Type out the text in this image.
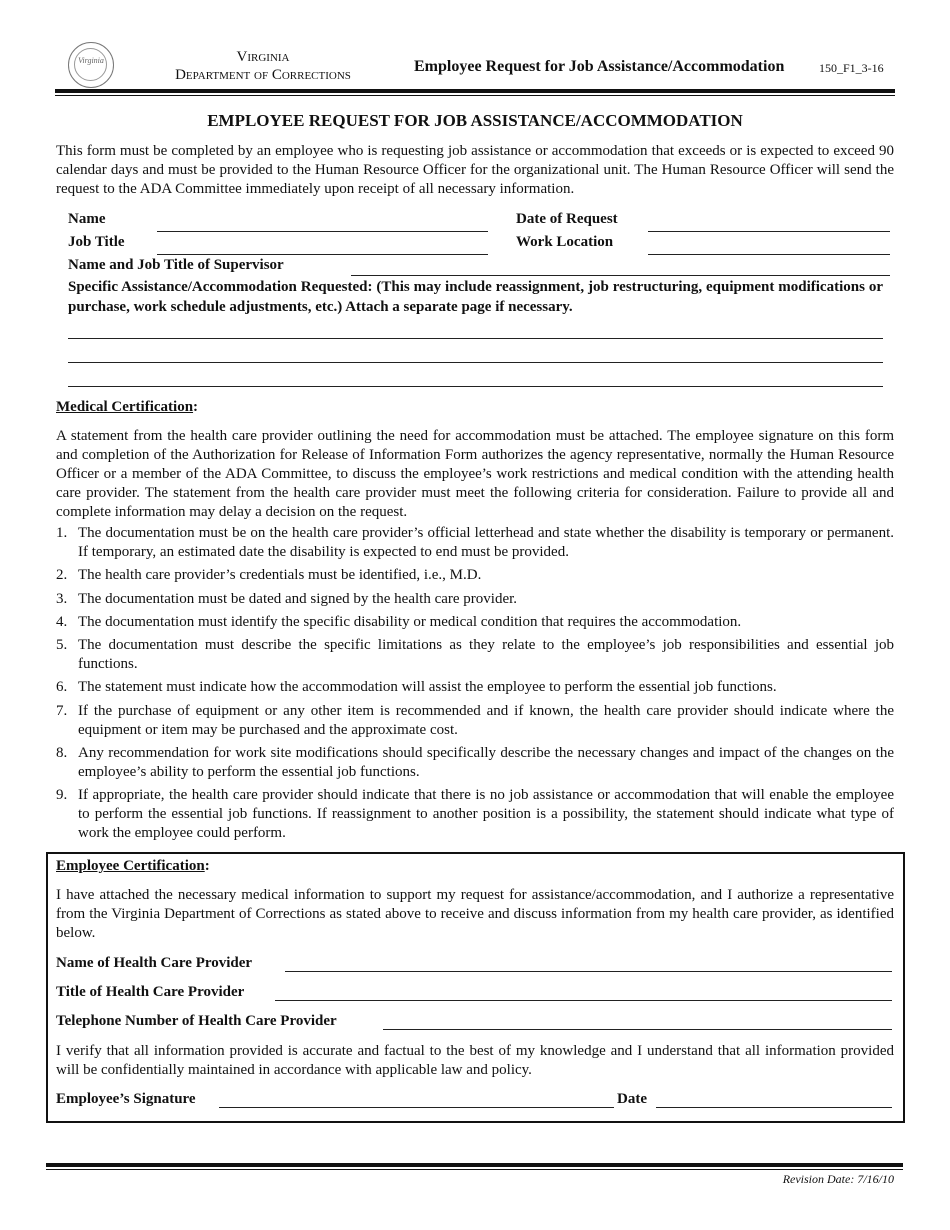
Virginia	Virginia
Department of Corrections	Employee Request for Job Assistance/Accommodation	150_F1_3-16
EMPLOYEE REQUEST FOR JOB ASSISTANCE/ACCOMMODATION
This form must be completed by an employee who is requesting job assistance or accommodation that exceeds or is expected to exceed 90 calendar days and must be provided to the Human Resource Officer for the organizational unit. The Human Resource Officer will send the request to the ADA Committee immediately upon receipt of all necessary information.
Name	Date of Request
Job Title	Work Location
Name and Job Title of Supervisor
Specific Assistance/Accommodation Requested: (This may include reassignment, job restructuring, equipment modifications or purchase, work schedule adjustments, etc.) Attach a separate page if necessary.
Medical Certification:
A statement from the health care provider outlining the need for accommodation must be attached. The employee signature on this form and completion of the Authorization for Release of Information Form authorizes the agency representative, normally the Human Resource Officer or a member of the ADA Committee, to discuss the employee’s work restrictions and medical condition with the attending health care provider. The statement from the health care provider must meet the following criteria for consideration. Failure to provide all and complete information may delay a decision on the request.
1. The documentation must be on the health care provider’s official letterhead and state whether the disability is temporary or permanent. If temporary, an estimated date the disability is expected to end must be provided.
2. The health care provider’s credentials must be identified, i.e., M.D.
3. The documentation must be dated and signed by the health care provider.
4. The documentation must identify the specific disability or medical condition that requires the accommodation.
5. The documentation must describe the specific limitations as they relate to the employee’s job responsibilities and essential job functions.
6. The statement must indicate how the accommodation will assist the employee to perform the essential job functions.
7. If the purchase of equipment or any other item is recommended and if known, the health care provider should indicate where the equipment or item may be purchased and the approximate cost.
8. Any recommendation for work site modifications should specifically describe the necessary changes and impact of the changes on the employee’s ability to perform the essential job functions.
9. If appropriate, the health care provider should indicate that there is no job assistance or accommodation that will enable the employee to perform the essential job functions. If reassignment to another position is a possibility, the statement should indicate what type of work the employee could perform.
Employee Certification:
I have attached the necessary medical information to support my request for assistance/accommodation, and I authorize a representative from the Virginia Department of Corrections as stated above to receive and discuss information from my health care provider, as identified below.
Name of Health Care Provider
Title of Health Care Provider
Telephone Number of Health Care Provider
I verify that all information provided is accurate and factual to the best of my knowledge and I understand that all information provided will be confidentially maintained in accordance with applicable law and policy.
Employee’s Signature	Date
Revision Date: 7/16/10
